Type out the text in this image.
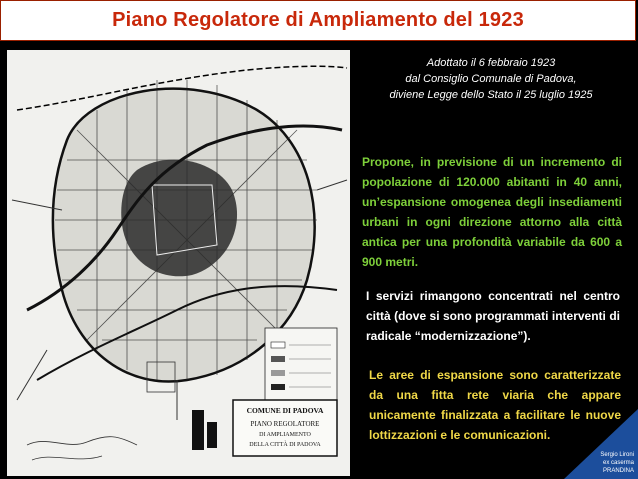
Piano Regolatore di Ampliamento del 1923
COMUNE DI PADOVA
PIANO REGOLATORE
DI AMPLIAMENTO
DELLA CITTÀ DI PADOVA
Adottato il 6 febbraio 1923
dal Consiglio Comunale di Padova,
diviene Legge dello Stato il 25 luglio 1925
Propone, in previsione di un incremento di popolazione di 120.000 abitanti in 40 anni, un’espansione omogenea degli insediamenti urbani in ogni direzione attorno alla città antica per una profondità variabile da 600 a 900 metri.
I servizi rimangono concentrati nel centro città (dove si sono programmati interventi di radicale “modernizzazione”).
Le aree di espansione sono caratterizzate da una fitta rete viaria che appare unicamente finalizzata a facilitare le nuove lottizzazioni e le comunicazioni.
Sergio Lironi
ex caserma
PRANDINA
